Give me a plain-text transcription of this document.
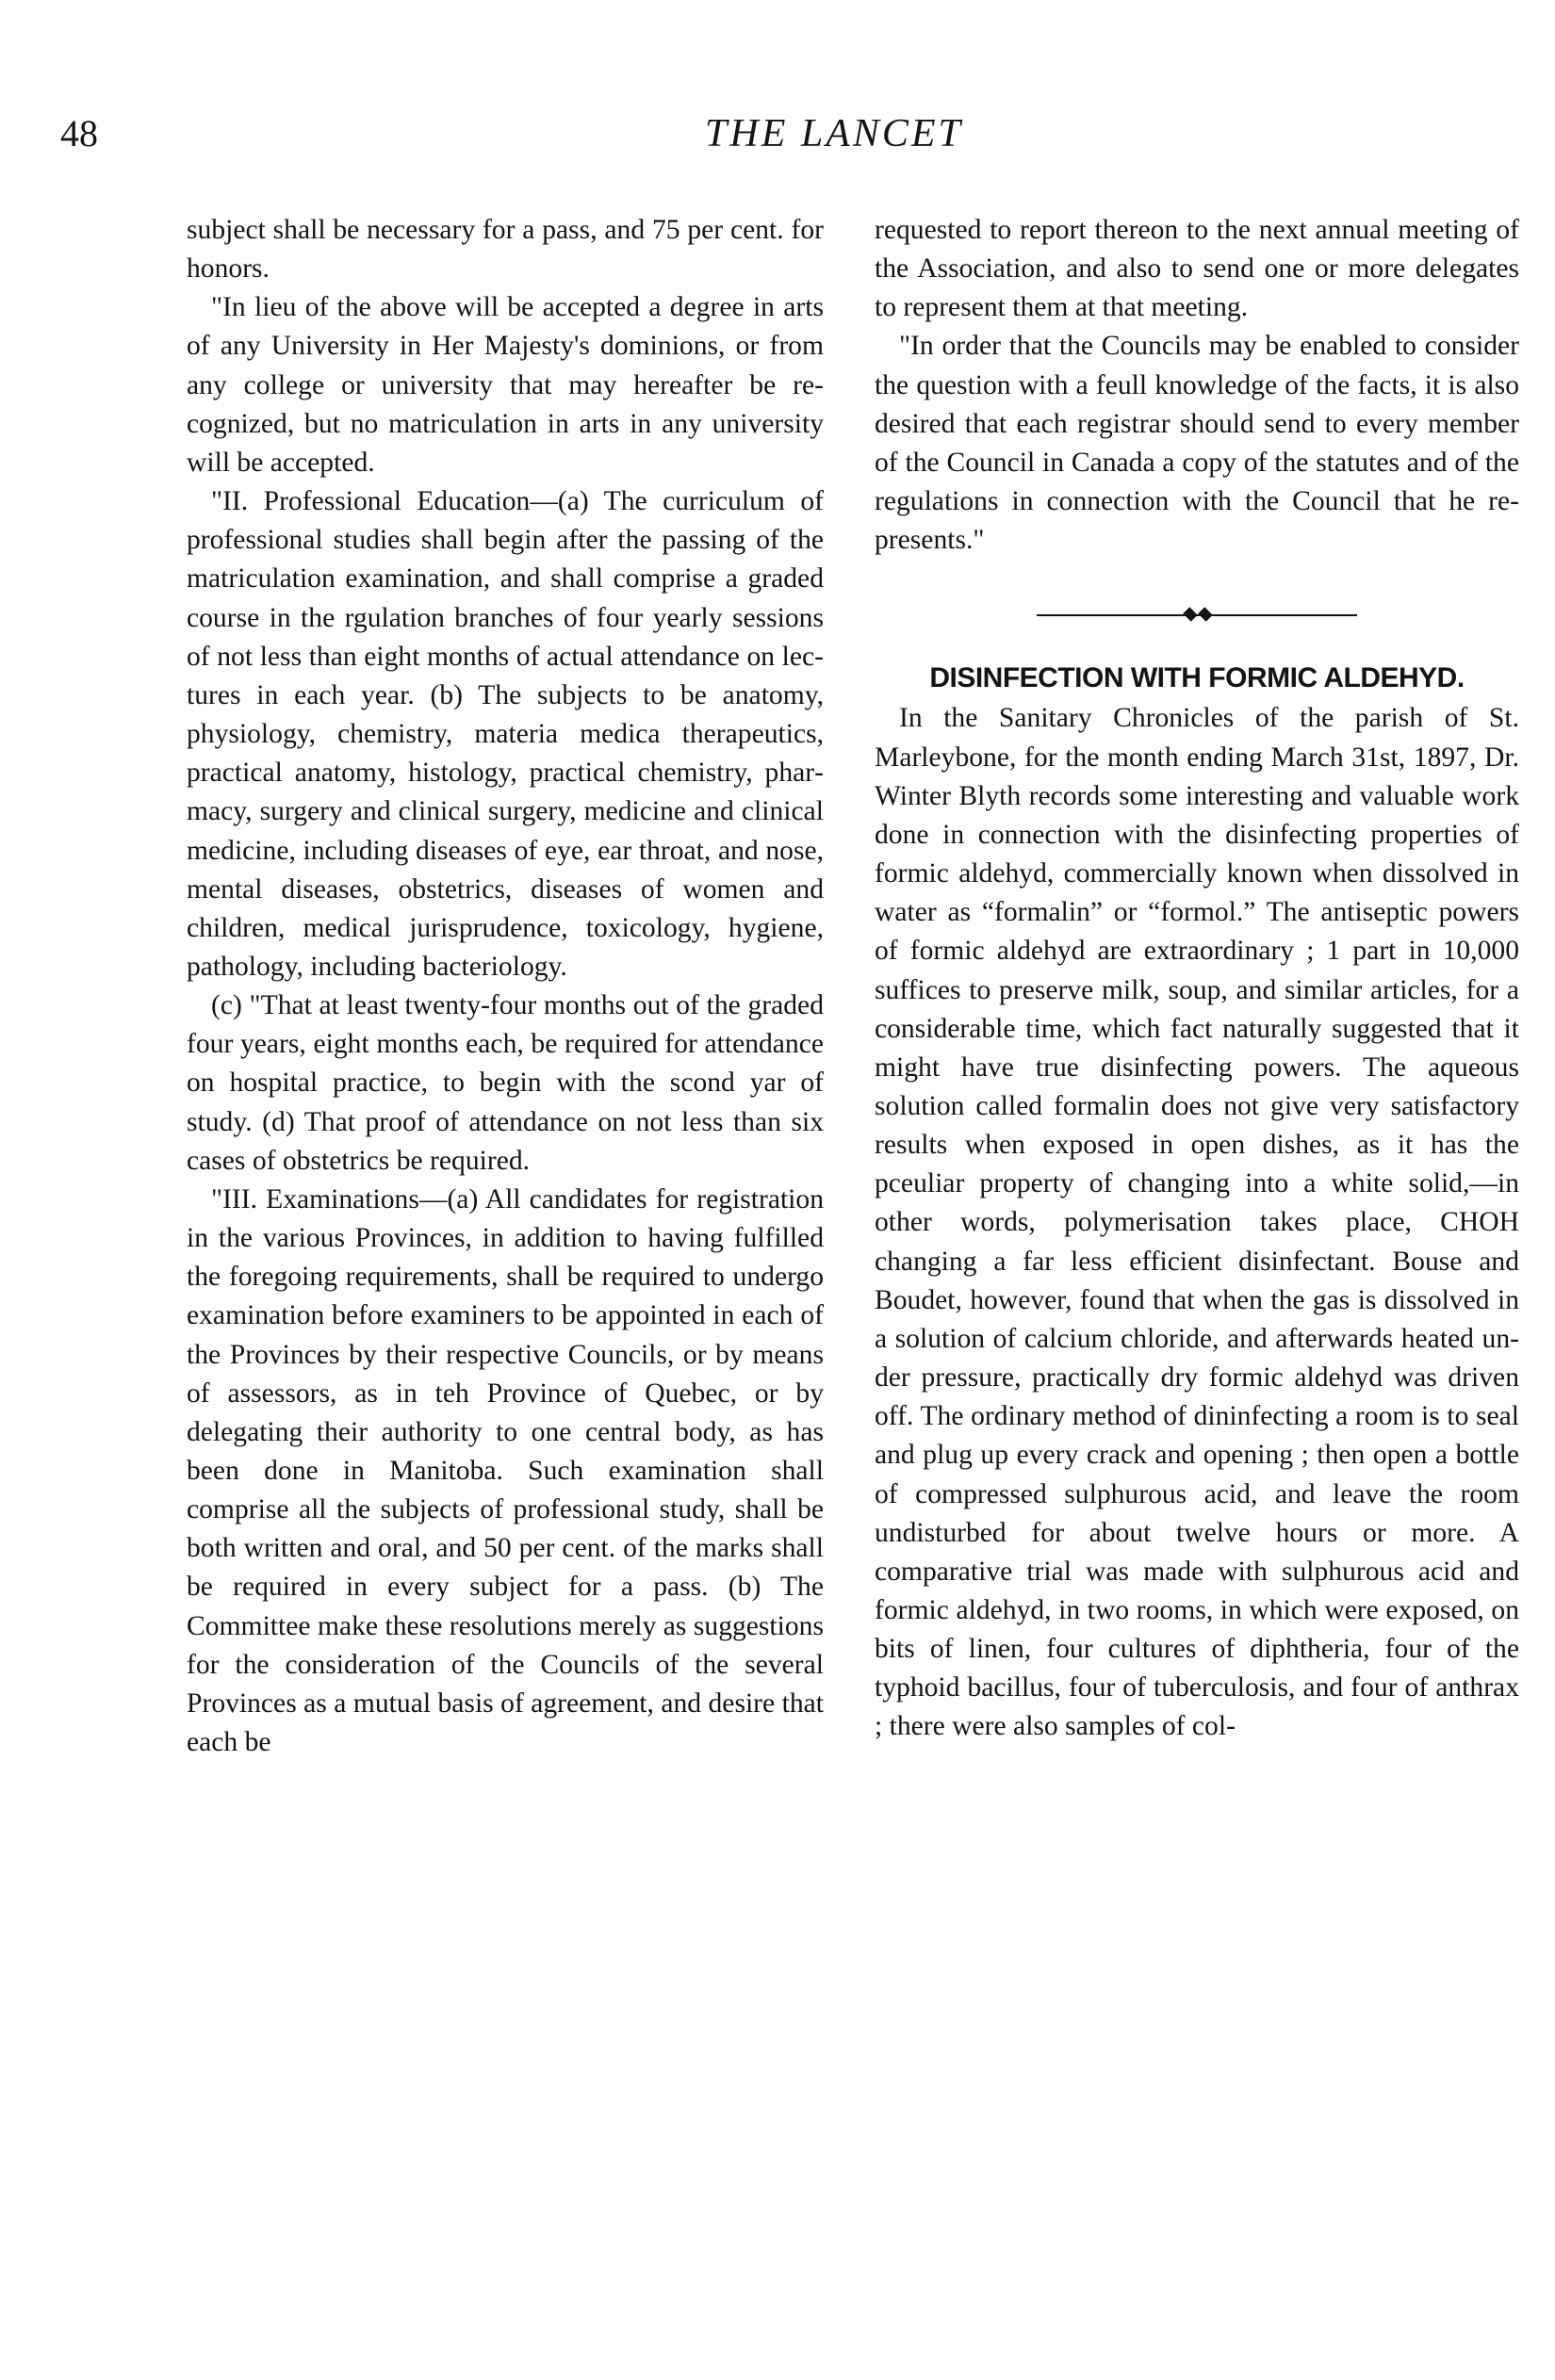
48	THE LANCET

subject shall be necessary for a pass, and 75 per cent. for honors.

"In lieu of the above will be accepted a degree in arts of any University in Her Majesty's dominions, or from any college or university that may hereafter be recognized, but no matriculation in arts in any university will be accepted.

"II. Professional Education—(a) The curriculum of professional studies shall begin after the passing of the matriculation examination, and shall comprise a graded course in the rgulation branches of four yearly sessions of not less than eight months of actual attendance on lectures in each year. (b) The subjects to be anatomy, physiology, chemistry, materia medica therapeutics, practical anatomy, histology, practical chemistry, pharmacy, surgery and clinical surgery, medicine and clinical medicine, including diseases of eye, ear throat, and nose, mental diseases, obstetrics, diseases of women and children, medical jurisprudence, toxicology, hygiene, pathology, including bacteriology.

(c) "That at least twenty-four months out of the graded four years, eight months each, be required for attendance on hospital practice, to begin with the scond yar of study. (d) That proof of attendance on not less than six cases of obstetrics be required.

"III. Examinations—(a) All candidates for registration in the various Provinces, in addition to having fulfilled the foregoing requirements, shall be required to undergo examination before examiners to be appointed in each of the Provinces by their respective Councils, or by means of assessors, as in teh Province of Quebec, or by delegating their authority to one central body, as has been done in Manitoba. Such examination shall comprise all the subjects of professional study, shall be both written and oral, and 50 per cent. of the marks shall be required in every subject for a pass. (b) The Committee make these resolutions merely as suggestions for the consideration of the Councils of the several Provinces as a mutual basis of agreement, and desire that each be

requested to report thereon to the next annual meeting of the Association, and also to send one or more delegates to represent them at that meeting.

"In order that the Councils may be enabled to consider the question with a feull knowledge of the facts, it is also desired that each registrar should send to every member of the Council in Canada a copy of the statutes and of the regulations in connection with the Council that he represents."

DISINFECTION WITH FORMIC ALDEHYD.

In the Sanitary Chronicles of the parish of St. Marleybone, for the month ending March 31st, 1897, Dr. Winter Blyth records some interesting and valuable work done in connection with the disinfecting properties of formic aldehyd, commercially known when dissolved in water as “formalin” or “formol.” The antiseptic powers of formic aldehyd are extraordinary ; 1 part in 10,000 suffices to preserve milk, soup, and similar articles, for a considerable time, which fact naturally suggested that it might have true disinfecting powers. The aqueous solution called formalin does not give very satisfactory results when exposed in open dishes, as it has the pceuliar property of changing into a white solid,—in other words, polymerisation takes place, CHOH changing a far less efficient disinfectant. Bouse and Boudet, however, found that when the gas is dissolved in a solution of calcium chloride, and afterwards heated under pressure, practically dry formic aldehyd was driven off. The ordinary method of dininfecting a room is to seal and plug up every crack and opening ; then open a bottle of compressed sulphurous acid, and leave the room undisturbed for about twelve hours or more. A comparative trial was made with sulphurous acid and formic aldehyd, in two rooms, in which were exposed, on bits of linen, four cultures of diphtheria, four of the typhoid bacillus, four of tuberculosis, and four of anthrax ; there were also samples of col-
